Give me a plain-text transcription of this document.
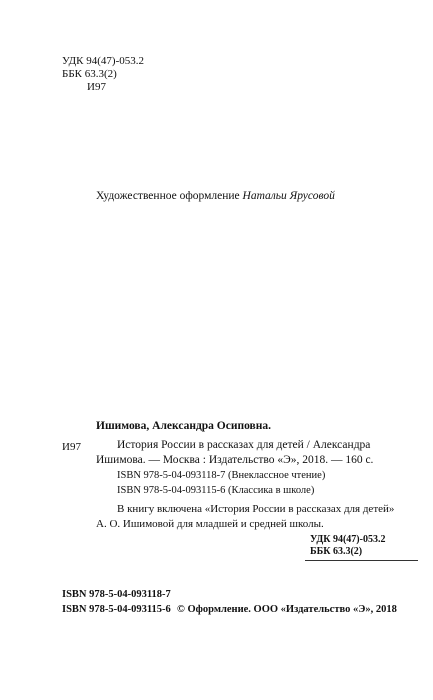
УДК 94(47)-053.2
ББК 63.3(2)
И97
Художественное оформление Натальи Ярусовой
Ишимова, Александра Осиповна.
И97	История России в рассказах для детей / Александра
Ишимова. — Москва : Издательство «Э», 2018. — 160 с.
ISBN 978-5-04-093118-7 (Внеклассное чтение)
ISBN 978-5-04-093115-6 (Классика в школе)
В книгу включена «История России в рассказах для детей»
А. О. Ишимовой для младшей и средней школы.
УДК 94(47)-053.2
ББК 63.3(2)
ISBN 978-5-04-093118-7
ISBN 978-5-04-093115-6 © Оформление. ООО «Издательство «Э», 2018
